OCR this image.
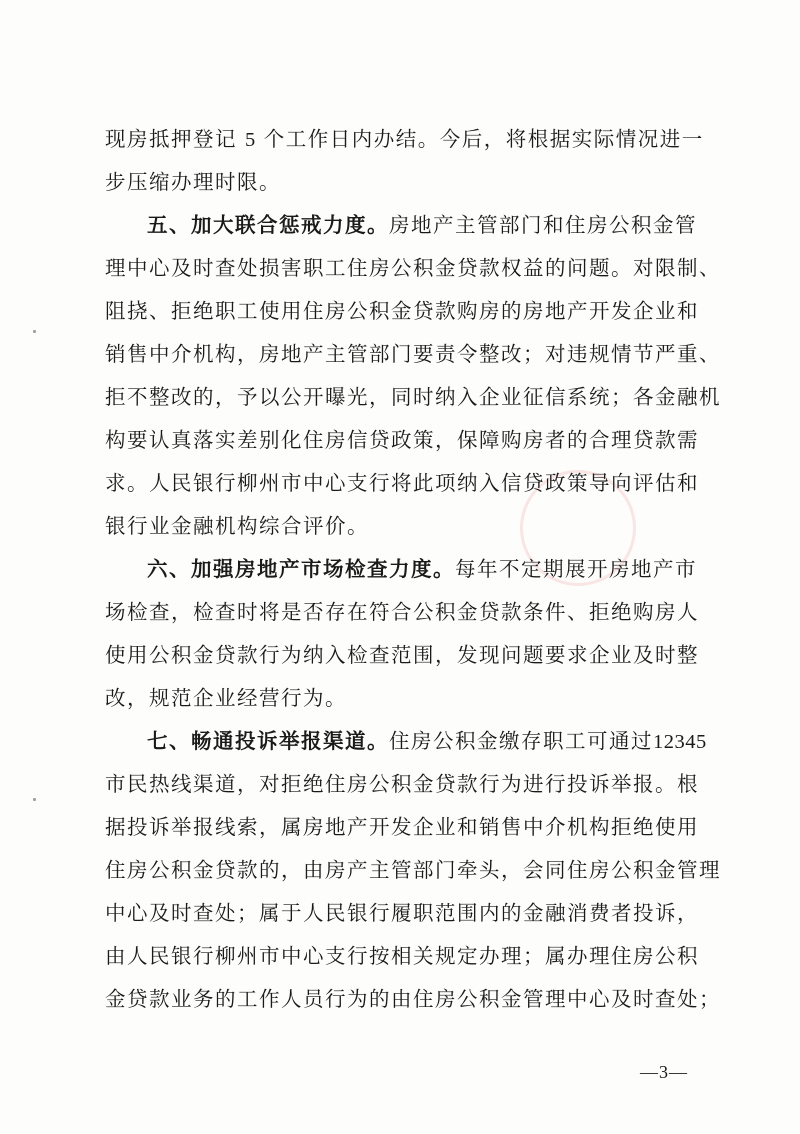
现房抵押登记 5 个工作日内办结。今后，将根据实际情况进一
步压缩办理时限。
五、加大联合惩戒力度。房地产主管部门和住房公积金管
理中心及时查处损害职工住房公积金贷款权益的问题。对限制、
阻挠、拒绝职工使用住房公积金贷款购房的房地产开发企业和
销售中介机构，房地产主管部门要责令整改；对违规情节严重、
拒不整改的，予以公开曝光，同时纳入企业征信系统；各金融机
构要认真落实差别化住房信贷政策，保障购房者的合理贷款需
求。人民银行柳州市中心支行将此项纳入信贷政策导向评估和
银行业金融机构综合评价。
六、加强房地产市场检查力度。每年不定期展开房地产市
场检查，检查时将是否存在符合公积金贷款条件、拒绝购房人
使用公积金贷款行为纳入检查范围，发现问题要求企业及时整
改，规范企业经营行为。
七、畅通投诉举报渠道。住房公积金缴存职工可通过12345
市民热线渠道，对拒绝住房公积金贷款行为进行投诉举报。根
据投诉举报线索，属房地产开发企业和销售中介机构拒绝使用
住房公积金贷款的，由房产主管部门牵头，会同住房公积金管理
中心及时查处；属于人民银行履职范围内的金融消费者投诉，
由人民银行柳州市中心支行按相关规定办理；属办理住房公积
金贷款业务的工作人员行为的由住房公积金管理中心及时查处；
—3—
